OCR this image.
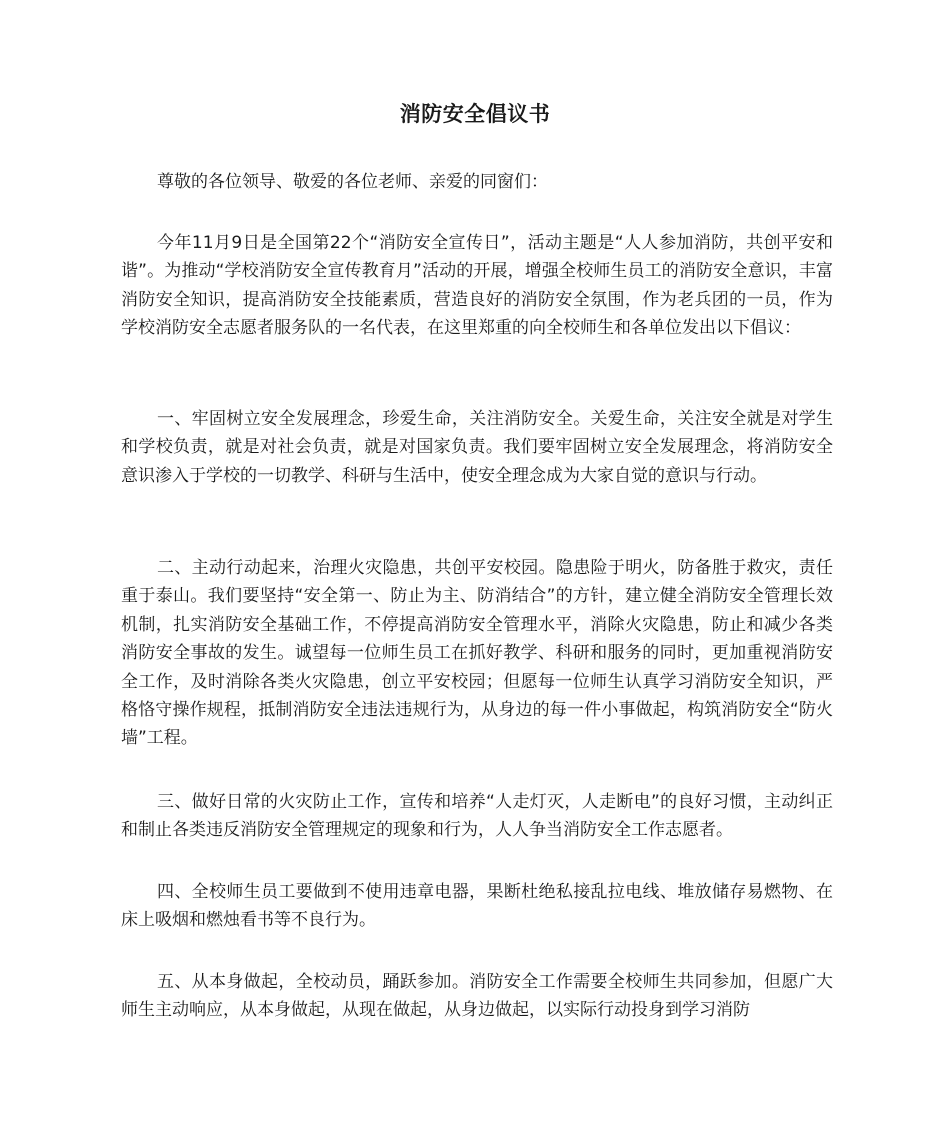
消防安全倡议书

尊敬的各位领导、敬爱的各位老师、亲爱的同窗们：

今年11月9日是全国第22个“消防安全宣传日”，活动主题是“人人参加消防，共创平安和谐”。为推动“学校消防安全宣传教育月”活动的开展，增强全校师生员工的消防安全意识，丰富消防安全知识，提高消防安全技能素质，营造良好的消防安全氛围，作为老兵团的一员，作为学校消防安全志愿者服务队的一名代表，在这里郑重的向全校师生和各单位发出以下倡议：

一、牢固树立安全发展理念，珍爱生命，关注消防安全。关爱生命，关注安全就是对学生和学校负责，就是对社会负责，就是对国家负责。我们要牢固树立安全发展理念，将消防安全意识渗入于学校的一切教学、科研与生活中，使安全理念成为大家自觉的意识与行动。

二、主动行动起来，治理火灾隐患，共创平安校园。隐患险于明火，防备胜于救灾，责任重于泰山。我们要坚持“安全第一、防止为主、防消结合”的方针，建立健全消防安全管理长效机制，扎实消防安全基础工作，不停提高消防安全管理水平，消除火灾隐患，防止和减少各类消防安全事故的发生。诚望每一位师生员工在抓好教学、科研和服务的同时，更加重视消防安全工作，及时消除各类火灾隐患，创立平安校园；但愿每一位师生认真学习消防安全知识，严格恪守操作规程，抵制消防安全违法违规行为，从身边的每一件小事做起，构筑消防安全“防火墙”工程。

三、做好日常的火灾防止工作，宣传和培养“人走灯灭，人走断电”的良好习惯，主动纠正和制止各类违反消防安全管理规定的现象和行为，人人争当消防安全工作志愿者。

四、全校师生员工要做到不使用违章电器，果断杜绝私接乱拉电线、堆放储存易燃物、在床上吸烟和燃烛看书等不良行为。

五、从本身做起，全校动员，踊跃参加。消防安全工作需要全校师生共同参加，但愿广大师生主动响应，从本身做起，从现在做起，从身边做起，以实际行动投身到学习消防
